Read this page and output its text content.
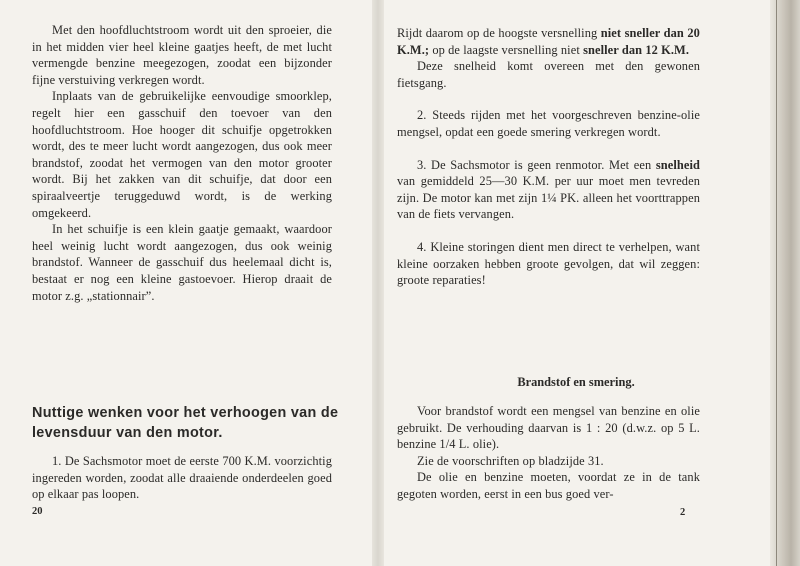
Met den hoofdluchtstroom wordt uit den sproeier, die in het midden vier heel kleine gaatjes heeft, de met lucht vermengde benzine meegezogen, zoodat een bijzonder fijne verstuiving verkregen wordt.

Inplaats van de gebruikelijke eenvoudige smoorklep, regelt hier een gasschuif den toevoer van den hoofdluchtstroom. Hoe hooger dit schuifje opgetrokken wordt, des te meer lucht wordt aangezogen, dus ook meer brandstof, zoodat het vermogen van den motor grooter wordt. Bij het zakken van dit schuifje, dat door een spiraalveertje teruggeduwd wordt, is de werking omgekeerd.

In het schuifje is een klein gaatje gemaakt, waardoor heel weinig lucht wordt aangezogen, dus ook weinig brandstof. Wanneer de gasschuif dus heelemaal dicht is, bestaat er nog een kleine gastoevoer. Hierop draait de motor z.g. „stationnair”.

Nuttige wenken voor het verhoogen van de levensduur van den motor.

1. De Sachsmotor moet de eerste 700 K.M. voorzichtig ingereden worden, zoodat alle draaiende onderdeelen goed op elkaar pas loopen.

20

Rijdt daarom op de hoogste versnelling niet sneller dan 20 K.M.; op de laagste versnelling niet sneller dan 12 K.M.

Deze snelheid komt overeen met den gewonen fietsgang.

2. Steeds rijden met het voorgeschreven benzine-olie mengsel, opdat een goede smering verkregen wordt.

3. De Sachsmotor is geen renmotor. Met een snelheid van gemiddeld 25—30 K.M. per uur moet men tevreden zijn. De motor kan met zijn 1¼ PK. alleen het voorttrappen van de fiets vervangen.

4. Kleine storingen dient men direct te verhelpen, want kleine oorzaken hebben groote gevolgen, dat wil zeggen: groote reparaties!

Brandstof en smering.

Voor brandstof wordt een mengsel van benzine en olie gebruikt. De verhouding daarvan is 1 : 20 (d.w.z. op 5 L. benzine 1/4 L. olie).

Zie de voorschriften op bladzijde 31.

De olie en benzine moeten, voordat ze in de tank gegoten worden, eerst in een bus goed ver-

2
